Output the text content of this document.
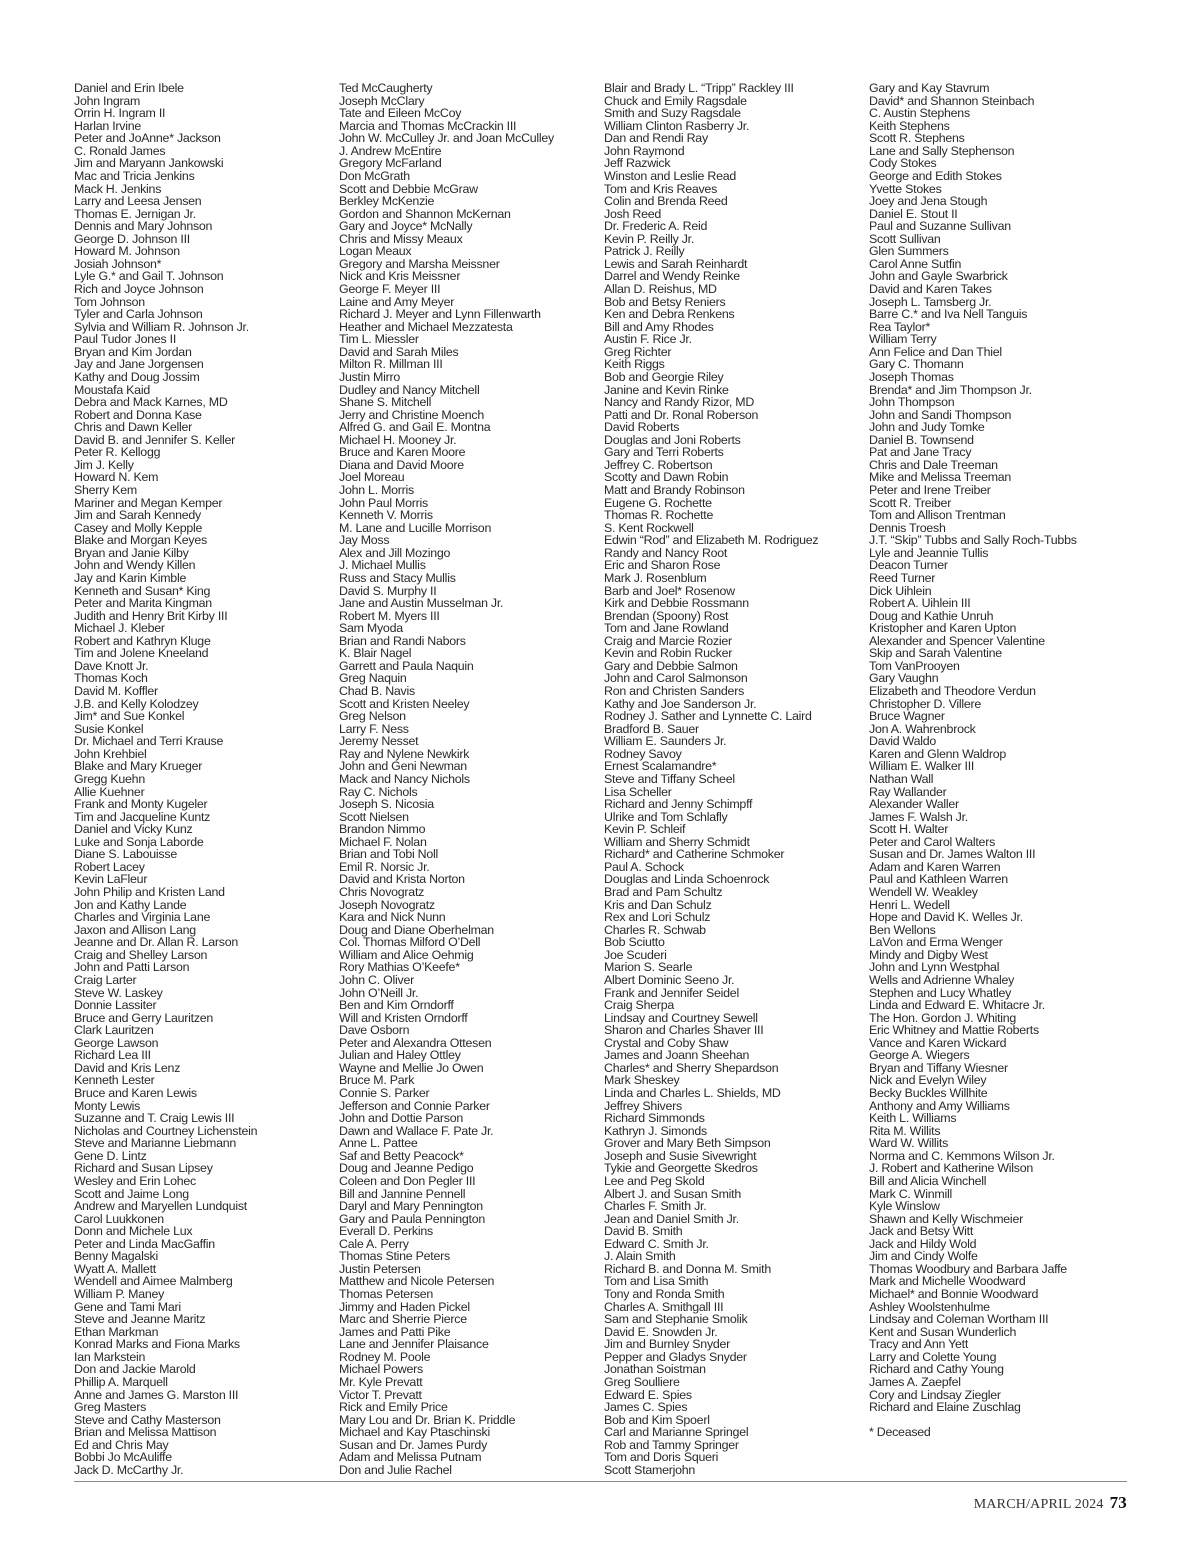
Daniel and Erin Ibele
John Ingram
Orrin H. Ingram II
Harlan Irvine
Peter and JoAnne* Jackson
C. Ronald James
Jim and Maryann Jankowski
Mac and Tricia Jenkins
Mack H. Jenkins
Larry and Leesa Jensen
Thomas E. Jernigan Jr.
Dennis and Mary Johnson
George D. Johnson III
Howard M. Johnson
Josiah Johnson*
Lyle G.* and Gail T. Johnson
Rich and Joyce Johnson
Tom Johnson
Tyler and Carla Johnson
Sylvia and William R. Johnson Jr.
Paul Tudor Jones II
Bryan and Kim Jordan
Jay and Jane Jorgensen
Kathy and Doug Jossim
Moustafa Kaid
Debra and Mack Karnes, MD
Robert and Donna Kase
Chris and Dawn Keller
David B. and Jennifer S. Keller
Peter R. Kellogg
Jim J. Kelly
Howard N. Kem
Sherry Kem
Mariner and Megan Kemper
Jim and Sarah Kennedy
Casey and Molly Kepple
Blake and Morgan Keyes
Bryan and Janie Kilby
John and Wendy Killen
Jay and Karin Kimble
Kenneth and Susan* King
Peter and Marita Kingman
Judith and Henry Brit Kirby III
Michael J. Kleber
Robert and Kathryn Kluge
Tim and Jolene Kneeland
Dave Knott Jr.
Thomas Koch
David M. Koffler
J.B. and Kelly Kolodzey
Jim* and Sue Konkel
Susie Konkel
Dr. Michael and Terri Krause
John Krehbiel
Blake and Mary Krueger
Gregg Kuehn
Allie Kuehner
Frank and Monty Kugeler
Tim and Jacqueline Kuntz
Daniel and Vicky Kunz
Luke and Sonja Laborde
Diane S. Labouisse
Robert Lacey
Kevin LaFleur
John Philip and Kristen Land
Jon and Kathy Lande
Charles and Virginia Lane
Jaxon and Allison Lang
Jeanne and Dr. Allan R. Larson
Craig and Shelley Larson
John and Patti Larson
Craig Larter
Steve W. Laskey
Donnie Lassiter
Bruce and Gerry Lauritzen
Clark Lauritzen
George Lawson
Richard Lea III
David and Kris Lenz
Kenneth Lester
Bruce and Karen Lewis
Monty Lewis
Suzanne and T. Craig Lewis III
Nicholas and Courtney Lichenstein
Steve and Marianne Liebmann
Gene D. Lintz
Richard and Susan Lipsey
Wesley and Erin Lohec
Scott and Jaime Long
Andrew and Maryellen Lundquist
Carol Luukkonen
Donn and Michele Lux
Peter and Linda MacGaffin
Benny Magalski
Wyatt A. Mallett
Wendell and Aimee Malmberg
William P. Maney
Gene and Tami Mari
Steve and Jeanne Maritz
Ethan Markman
Konrad Marks and Fiona Marks
Ian Markstein
Don and Jackie Marold
Phillip A. Marquell
Anne and James G. Marston III
Greg Masters
Steve and Cathy Masterson
Brian and Melissa Mattison
Ed and Chris May
Bobbi Jo McAuliffe
Jack D. McCarthy Jr.
Ted McCaugherty
Joseph McClary
Tate and Eileen McCoy
Marcia and Thomas McCrackin III
John W. McCulley Jr. and Joan McCulley
J. Andrew McEntire
Gregory McFarland
Don McGrath
Scott and Debbie McGraw
Berkley McKenzie
Gordon and Shannon McKernan
Gary and Joyce* McNally
Chris and Missy Meaux
Logan Meaux
Gregory and Marsha Meissner
Nick and Kris Meissner
George F. Meyer III
Laine and Amy Meyer
Richard J. Meyer and Lynn Fillenwarth
Heather and Michael Mezzatesta
Tim L. Miessler
David and Sarah Miles
Milton R. Millman III
Justin Mirro
Dudley and Nancy Mitchell
Shane S. Mitchell
Jerry and Christine Moench
Alfred G. and Gail E. Montna
Michael H. Mooney Jr.
Bruce and Karen Moore
Diana and David Moore
Joel Moreau
John L. Morris
John Paul Morris
Kenneth V. Morris
M. Lane and Lucille Morrison
Jay Moss
Alex and Jill Mozingo
J. Michael Mullis
Russ and Stacy Mullis
David S. Murphy II
Jane and Austin Musselman Jr.
Robert M. Myers III
Sam Myoda
Brian and Randi Nabors
K. Blair Nagel
Garrett and Paula Naquin
Greg Naquin
Chad B. Navis
Scott and Kristen Neeley
Greg Nelson
Larry F. Ness
Jeremy Nesset
Ray and Nylene Newkirk
John and Geni Newman
Mack and Nancy Nichols
Ray C. Nichols
Joseph S. Nicosia
Scott Nielsen
Brandon Nimmo
Michael F. Nolan
Brian and Tobi Noll
Emil R. Norsic Jr.
David and Krista Norton
Chris Novogratz
Joseph Novogratz
Kara and Nick Nunn
Doug and Diane Oberhelman
Col. Thomas Milford O’Dell
William and Alice Oehmig
Rory Mathias O’Keefe*
John C. Oliver
John O’Neill Jr.
Ben and Kim Orndorff
Will and Kristen Orndorff
Dave Osborn
Peter and Alexandra Ottesen
Julian and Haley Ottley
Wayne and Mellie Jo Owen
Bruce M. Park
Connie S. Parker
Jefferson and Connie Parker
John and Dottie Parson
Dawn and Wallace F. Pate Jr.
Anne L. Pattee
Saf and Betty Peacock*
Doug and Jeanne Pedigo
Coleen and Don Pegler III
Bill and Jannine Pennell
Daryl and Mary Pennington
Gary and Paula Pennington
Everall D. Perkins
Cale A. Perry
Thomas Stine Peters
Justin Petersen
Matthew and Nicole Petersen
Thomas Petersen
Jimmy and Haden Pickel
Marc and Sherrie Pierce
James and Patti Pike
Lane and Jennifer Plaisance
Rodney M. Poole
Michael Powers
Mr. Kyle Prevatt
Victor T. Prevatt
Rick and Emily Price
Mary Lou and Dr. Brian K. Priddle
Michael and Kay Ptaschinski
Susan and Dr. James Purdy
Adam and Melissa Putnam
Don and Julie Rachel
Blair and Brady L. “Tripp” Rackley III
Chuck and Emily Ragsdale
Smith and Suzy Ragsdale
William Clinton Rasberry Jr.
Dan and Rendi Ray
John Raymond
Jeff Razwick
Winston and Leslie Read
Tom and Kris Reaves
Colin and Brenda Reed
Josh Reed
Dr. Frederic A. Reid
Kevin P. Reilly Jr.
Patrick J. Reilly
Lewis and Sarah Reinhardt
Darrel and Wendy Reinke
Allan D. Reishus, MD
Bob and Betsy Reniers
Ken and Debra Renkens
Bill and Amy Rhodes
Austin F. Rice Jr.
Greg Richter
Keith Riggs
Bob and Georgie Riley
Janine and Kevin Rinke
Nancy and Randy Rizor, MD
Patti and Dr. Ronal Roberson
David Roberts
Douglas and Joni Roberts
Gary and Terri Roberts
Jeffrey C. Robertson
Scotty and Dawn Robin
Matt and Brandy Robinson
Eugene G. Rochette
Thomas R. Rochette
S. Kent Rockwell
Edwin “Rod” and Elizabeth M. Rodriguez
Randy and Nancy Root
Eric and Sharon Rose
Mark J. Rosenblum
Barb and Joel* Rosenow
Kirk and Debbie Rossmann
Brendan (Spoony) Rost
Tom and Jane Rowland
Craig and Marcie Rozier
Kevin and Robin Rucker
Gary and Debbie Salmon
John and Carol Salmonson
Ron and Christen Sanders
Kathy and Joe Sanderson Jr.
Rodney J. Sather and Lynnette C. Laird
Bradford B. Sauer
William E. Saunders Jr.
Rodney Savoy
Ernest Scalamandre*
Steve and Tiffany Scheel
Lisa Scheller
Richard and Jenny Schimpff
Ulrike and Tom Schlafly
Kevin P. Schleif
William and Sherry Schmidt
Richard* and Catherine Schmoker
Paul A. Schock
Douglas and Linda Schoenrock
Brad and Pam Schultz
Kris and Dan Schulz
Rex and Lori Schulz
Charles R. Schwab
Bob Sciutto
Joe Scuderi
Marion S. Searle
Albert Dominic Seeno Jr.
Frank and Jennifer Seidel
Craig Sherpa
Lindsay and Courtney Sewell
Sharon and Charles Shaver III
Crystal and Coby Shaw
James and Joann Sheehan
Charles* and Sherry Shepardson
Mark Sheskey
Linda and Charles L. Shields, MD
Jeffrey Shivers
Richard Simmonds
Kathryn J. Simonds
Grover and Mary Beth Simpson
Joseph and Susie Sivewright
Tykie and Georgette Skedros
Lee and Peg Skold
Albert J. and Susan Smith
Charles F. Smith Jr.
Jean and Daniel Smith Jr.
David B. Smith
Edward C. Smith Jr.
J. Alain Smith
Richard B. and Donna M. Smith
Tom and Lisa Smith
Tony and Ronda Smith
Charles A. Smithgall III
Sam and Stephanie Smolik
David E. Snowden Jr.
Jim and Burnley Snyder
Pepper and Gladys Snyder
Jonathan Soistman
Greg Soulliere
Edward E. Spies
James C. Spies
Bob and Kim Spoerl
Carl and Marianne Springel
Rob and Tammy Springer
Tom and Doris Squeri
Scott Stamerjohn
Gary and Kay Stavrum
David* and Shannon Steinbach
C. Austin Stephens
Keith Stephens
Scott R. Stephens
Lane and Sally Stephenson
Cody Stokes
George and Edith Stokes
Yvette Stokes
Joey and Jena Stough
Daniel E. Stout II
Paul and Suzanne Sullivan
Scott Sullivan
Glen Summers
Carol Anne Sutfin
John and Gayle Swarbrick
David and Karen Takes
Joseph L. Tamsberg Jr.
Barre C.* and Iva Nell Tanguis
Rea Taylor*
William Terry
Ann Felice and Dan Thiel
Gary C. Thomann
Joseph Thomas
Brenda* and Jim Thompson Jr.
John Thompson
John and Sandi Thompson
John and Judy Tomke
Daniel B. Townsend
Pat and Jane Tracy
Chris and Dale Treeman
Mike and Melissa Treeman
Peter and Irene Treiber
Scott R. Treiber
Tom and Allison Trentman
Dennis Troesh
J.T. “Skip” Tubbs and Sally Roch-Tubbs
Lyle and Jeannie Tullis
Deacon Turner
Reed Turner
Dick Uihlein
Robert A. Uihlein III
Doug and Kathie Unruh
Kristopher and Karen Upton
Alexander and Spencer Valentine
Skip and Sarah Valentine
Tom VanProoyen
Gary Vaughn
Elizabeth and Theodore Verdun
Christopher D. Villere
Bruce Wagner
Jon A. Wahrenbrock
David Waldo
Karen and Glenn Waldrop
William E. Walker III
Nathan Wall
Ray Wallander
Alexander Waller
James F. Walsh Jr.
Scott H. Walter
Peter and Carol Walters
Susan and Dr. James Walton III
Adam and Karen Warren
Paul and Kathleen Warren
Wendell W. Weakley
Henri L. Wedell
Hope and David K. Welles Jr.
Ben Wellons
LaVon and Erma Wenger
Mindy and Digby West
John and Lynn Westphal
Wells and Adrienne Whaley
Stephen and Lucy Whatley
Linda and Edward E. Whitacre Jr.
The Hon. Gordon J. Whiting
Eric Whitney and Mattie Roberts
Vance and Karen Wickard
George A. Wiegers
Bryan and Tiffany Wiesner
Nick and Evelyn Wiley
Becky Buckles Willhite
Anthony and Amy Williams
Keith L. Williams
Rita M. Willits
Ward W. Willits
Norma and C. Kemmons Wilson Jr.
J. Robert and Katherine Wilson
Bill and Alicia Winchell
Mark C. Winmill
Kyle Winslow
Shawn and Kelly Wischmeier
Jack and Betsy Witt
Jack and Hildy Wold
Jim and Cindy Wolfe
Thomas Woodbury and Barbara Jaffe
Mark and Michelle Woodward
Michael* and Bonnie Woodward
Ashley Woolstenhulme
Lindsay and Coleman Wortham III
Kent and Susan Wunderlich
Tracy and Ann Yett
Larry and Colette Young
Richard and Cathy Young
James A. Zaepfel
Cory and Lindsay Ziegler
Richard and Elaine Zuschlag
* Deceased
MARCH/APRIL 2024 73
